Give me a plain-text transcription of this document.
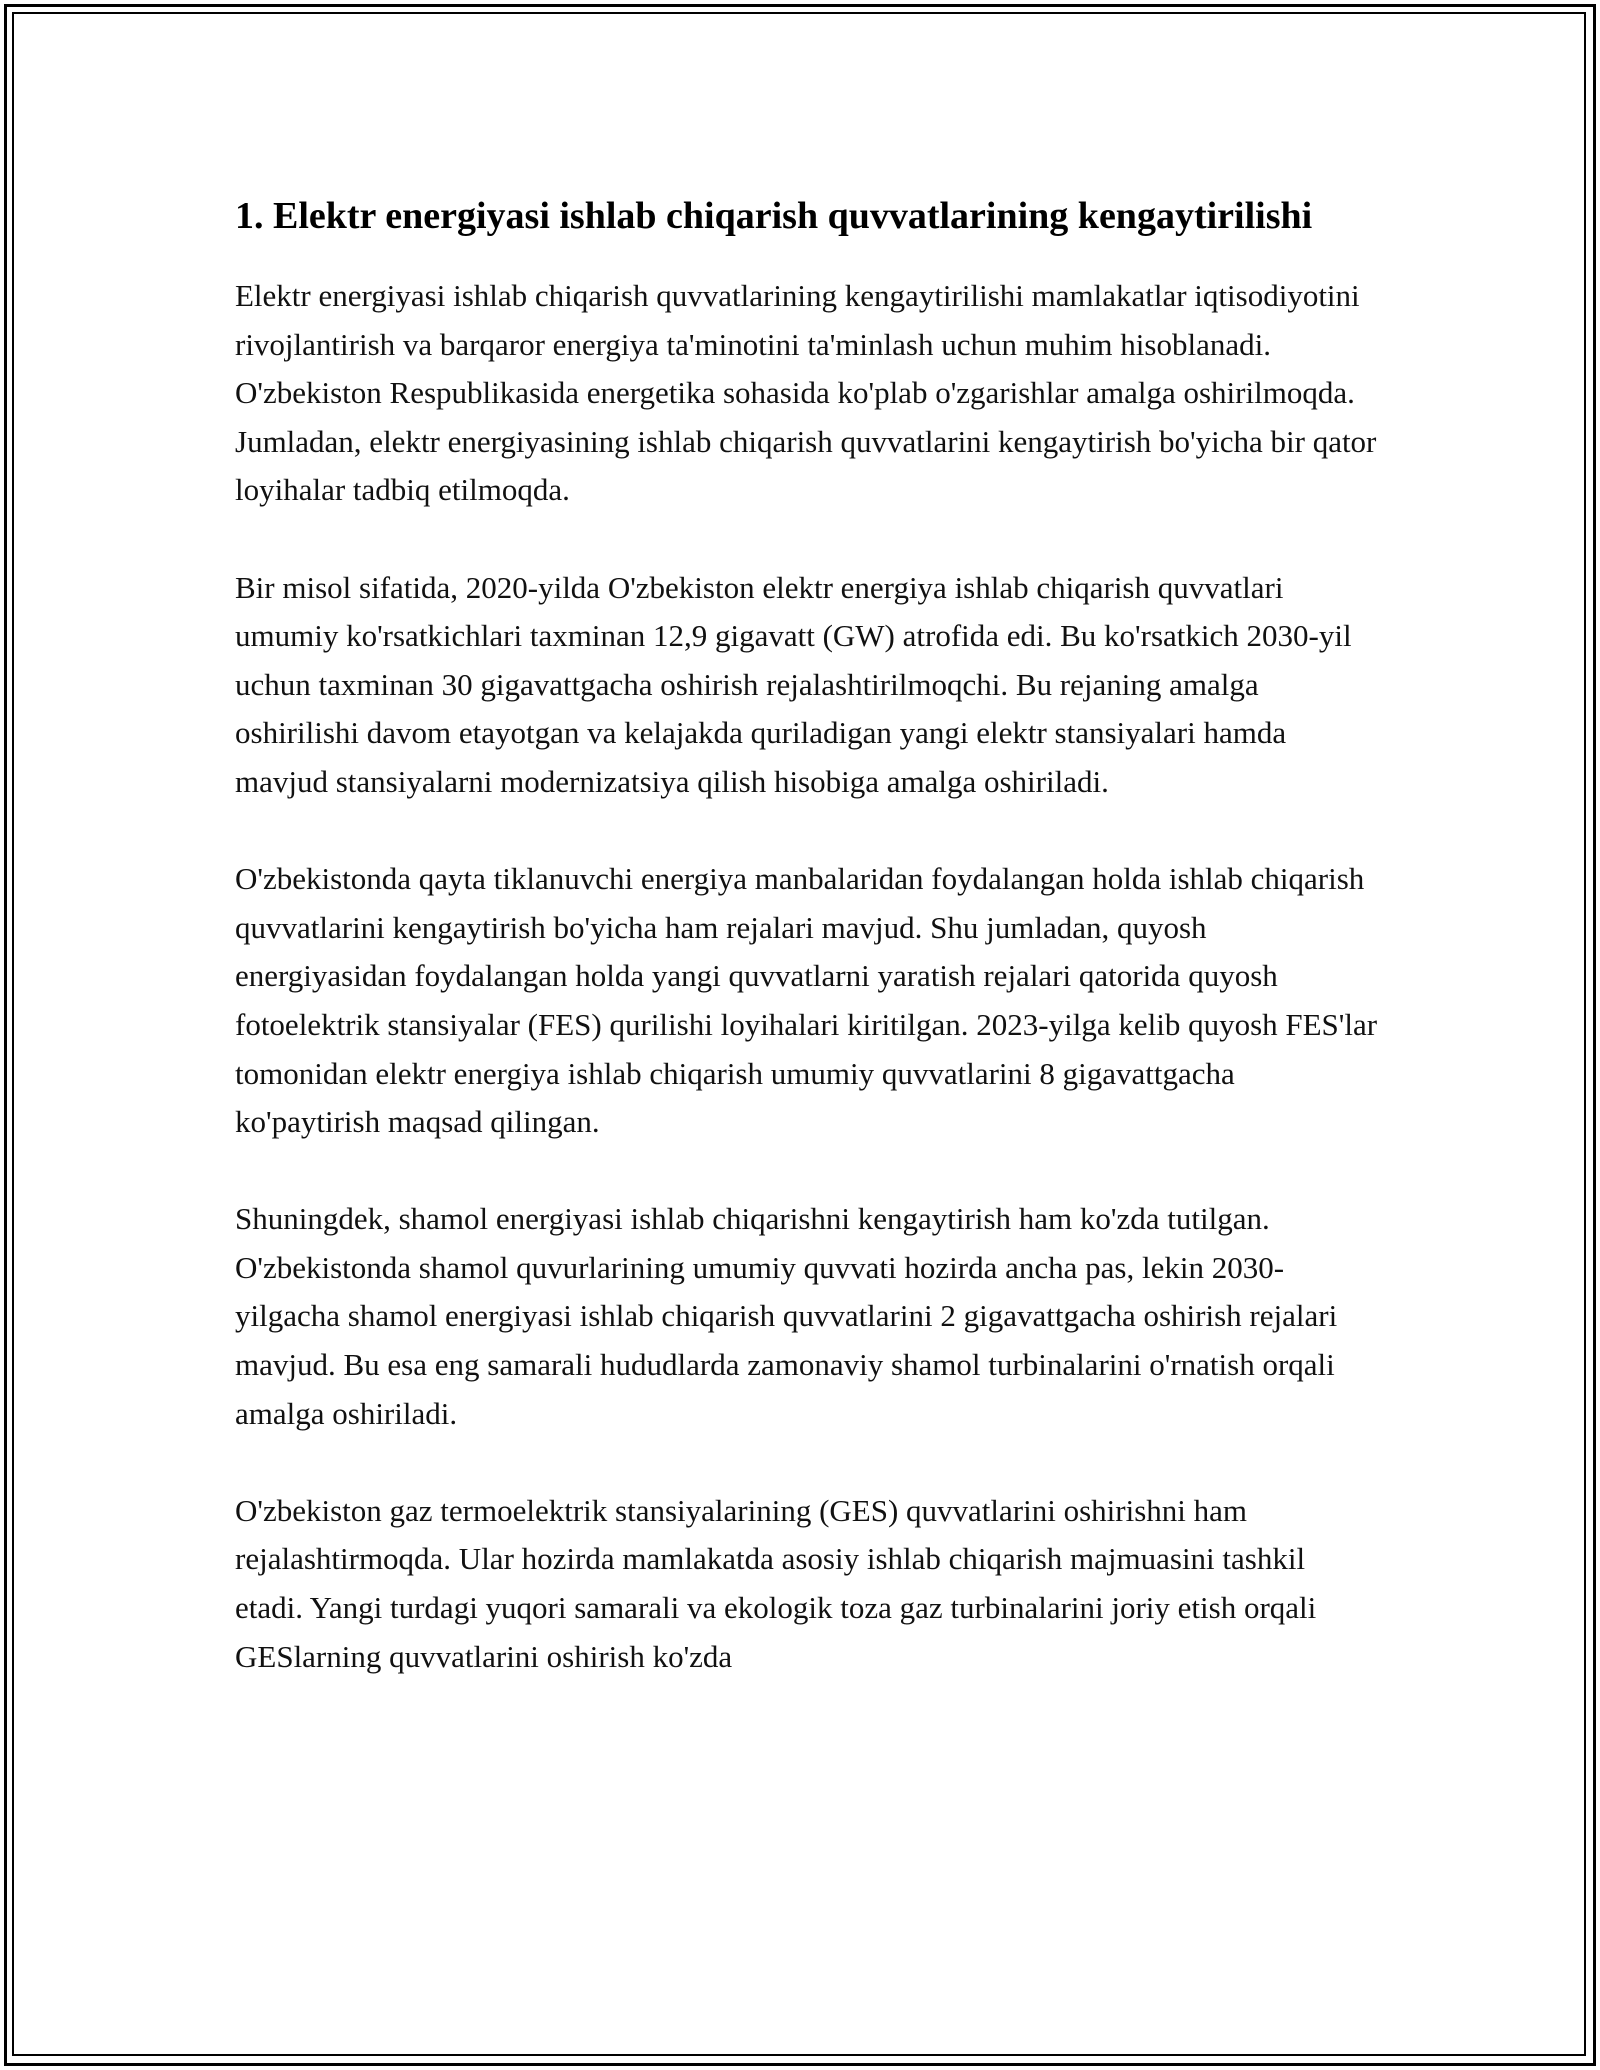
1. Elektr energiyasi ishlab chiqarish quvvatlarining kengaytirilishi

Elektr energiyasi ishlab chiqarish quvvatlarining kengaytirilishi mamlakatlar iqtisodiyotini rivojlantirish va barqaror energiya ta'minotini ta'minlash uchun muhim hisoblanadi. O'zbekiston Respublikasida energetika sohasida ko'plab o'zgarishlar amalga oshirilmoqda. Jumladan, elektr energiyasining ishlab chiqarish quvvatlarini kengaytirish bo'yicha bir qator loyihalar tadbiq etilmoqda.

Bir misol sifatida, 2020-yilda O'zbekiston elektr energiya ishlab chiqarish quvvatlari umumiy ko'rsatkichlari taxminan 12,9 gigavatt (GW) atrofida edi. Bu ko'rsatkich 2030-yil uchun taxminan 30 gigavattgacha oshirish rejalashtirilmoqchi. Bu rejaning amalga oshirilishi davom etayotgan va kelajakda quriladigan yangi elektr stansiyalari hamda mavjud stansiyalarni modernizatsiya qilish hisobiga amalga oshiriladi.

O'zbekistonda qayta tiklanuvchi energiya manbalaridan foydalangan holda ishlab chiqarish quvvatlarini kengaytirish bo'yicha ham rejalari mavjud. Shu jumladan, quyosh energiyasidan foydalangan holda yangi quvvatlarni yaratish rejalari qatorida quyosh fotoelektrik stansiyalar (FES) qurilishi loyihalari kiritilgan. 2023-yilga kelib quyosh FES'lar tomonidan elektr energiya ishlab chiqarish umumiy quvvatlarini 8 gigavattgacha ko'paytirish maqsad qilingan.

Shuningdek, shamol energiyasi ishlab chiqarishni kengaytirish ham ko'zda tutilgan. O'zbekistonda shamol quvurlarining umumiy quvvati hozirda ancha pas, lekin 2030-yilgacha shamol energiyasi ishlab chiqarish quvvatlarini 2 gigavattgacha oshirish rejalari mavjud. Bu esa eng samarali hududlarda zamonaviy shamol turbinalarini o'rnatish orqali amalga oshiriladi.

O'zbekiston gaz termoelektrik stansiyalarining (GES) quvvatlarini oshirishni ham rejalashtirmoqda. Ular hozirda mamlakatda asosiy ishlab chiqarish majmuasini tashkil etadi. Yangi turdagi yuqori samarali va ekologik toza gaz turbinalarini joriy etish orqali GESlarning quvvatlarini oshirish ko'zda
